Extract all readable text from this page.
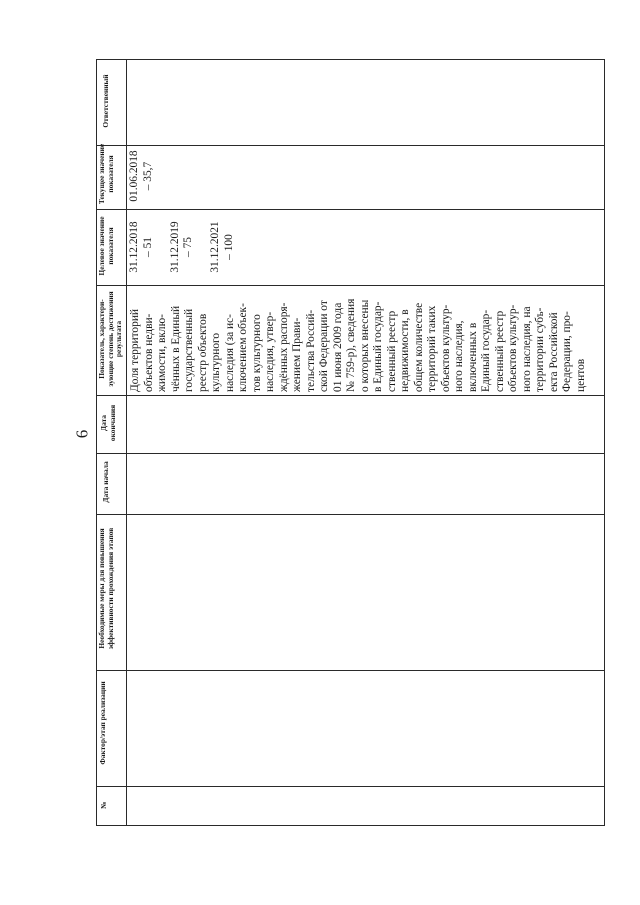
6
№
Фактор/этап реализации
Необходимые меры для повышения эффективности прохождения этапов
Дата начала
Дата окончания
Показатель, характери-зующие степень достижения результата
Целевое значение показателя
Текущее значение показателя
Ответственный
Доля территорий объектов недви- жимости, вклю- чённых в Единый государственный реестр объектов культурного наследия (за ис- ключением объек- тов культурного наследия, утвер- ждённых распоря- жением Прави- тельства Россий- ской Федерации от 01 июня 2009 года № 759-р), сведения о которых внесены в Единый государ- ственный реестр недвижимости, в общем количестве территорий таких объектов культур- ного наследия, включенных в Единый государ- ственный реестр объектов культур- ного наследия, на территории субъ- екта Российской Федерации, про- центов
31.12.2018 – 51
31.12.2019 – 75
31.12.2021 – 100
01.06.2018 – 35,7
